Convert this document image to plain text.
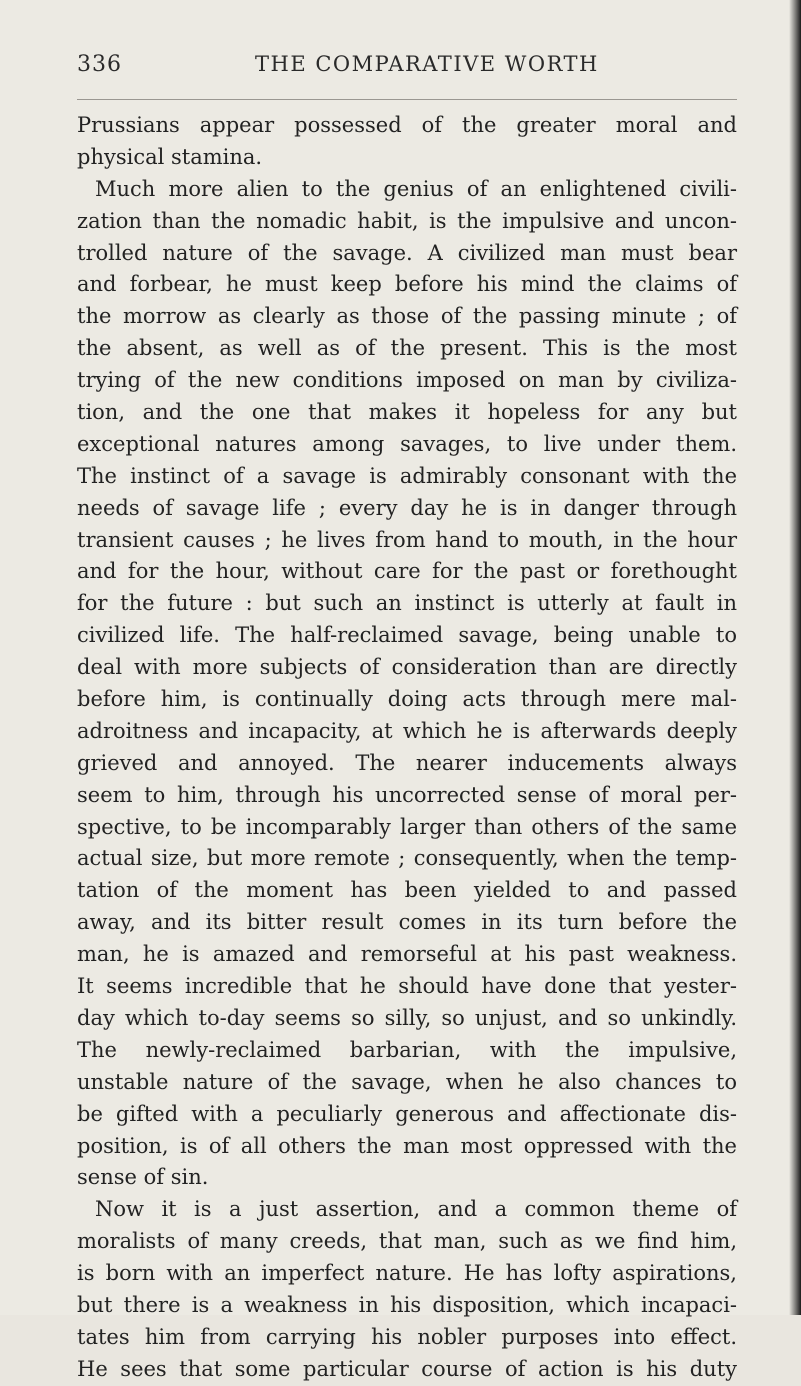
336	THE COMPARATIVE WORTH
Prussians appear possessed of the greater moral and
physical stamina.
Much more alien to the genius of an enlightened civili-
zation than the nomadic habit, is the impulsive and uncon-
trolled nature of the savage. A civilized man must bear
and forbear, he must keep before his mind the claims of
the morrow as clearly as those of the passing minute ; of
the absent, as well as of the present. This is the most
trying of the new conditions imposed on man by civiliza-
tion, and the one that makes it hopeless for any but
exceptional natures among savages, to live under them.
The instinct of a savage is admirably consonant with the
needs of savage life ; every day he is in danger through
transient causes ; he lives from hand to mouth, in the hour
and for the hour, without care for the past or forethought
for the future : but such an instinct is utterly at fault in
civilized life. The half-reclaimed savage, being unable to
deal with more subjects of consideration than are directly
before him, is continually doing acts through mere mal-
adroitness and incapacity, at which he is afterwards deeply
grieved and annoyed. The nearer inducements always
seem to him, through his uncorrected sense of moral per-
spective, to be incomparably larger than others of the same
actual size, but more remote ; consequently, when the temp-
tation of the moment has been yielded to and passed
away, and its bitter result comes in its turn before the
man, he is amazed and remorseful at his past weakness.
It seems incredible that he should have done that yester-
day which to-day seems so silly, so unjust, and so unkindly.
The newly-reclaimed barbarian, with the impulsive,
unstable nature of the savage, when he also chances to
be gifted with a peculiarly generous and affectionate dis-
position, is of all others the man most oppressed with the
sense of sin.
Now it is a just assertion, and a common theme of
moralists of many creeds, that man, such as we find him,
is born with an imperfect nature. He has lofty aspirations,
but there is a weakness in his disposition, which incapaci-
tates him from carrying his nobler purposes into effect.
He sees that some particular course of action is his duty
